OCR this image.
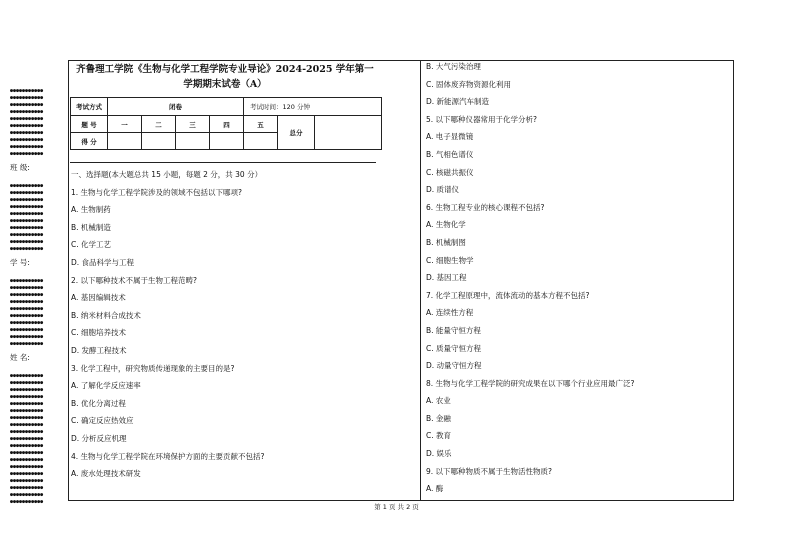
●●●●●●●●●●●
●●●●●●●●●●●
●●●●●●●●●●●
●●●●●●●●●●●
●●●●●●●●●●●
●●●●●●●●●●●
●●●●●●●●●●●
●●●●●●●●●●●
●●●●●●●●●●●
●●●●●●●●●●●
班 级:
●●●●●●●●●●●
●●●●●●●●●●●
●●●●●●●●●●●
●●●●●●●●●●●
●●●●●●●●●●●
●●●●●●●●●●●
●●●●●●●●●●●
●●●●●●●●●●●
●●●●●●●●●●●
●●●●●●●●●●●
学 号:
●●●●●●●●●●●
●●●●●●●●●●●
●●●●●●●●●●●
●●●●●●●●●●●
●●●●●●●●●●●
●●●●●●●●●●●
●●●●●●●●●●●
●●●●●●●●●●●
●●●●●●●●●●●
●●●●●●●●●●●
姓 名:
●●●●●●●●●●●
●●●●●●●●●●●
●●●●●●●●●●●
●●●●●●●●●●●
●●●●●●●●●●●
●●●●●●●●●●●
●●●●●●●●●●●
●●●●●●●●●●●
●●●●●●●●●●●
●●●●●●●●●●●
●●●●●●●●●●●
●●●●●●●●●●●
●●●●●●●●●●●
●●●●●●●●●●●
●●●●●●●●●●●
●●●●●●●●●●●
●●●●●●●●●●●
●●●●●●●●●●●
●●●●●●●●●●●
齐鲁理工学院《生物与化学工程学院专业导论》2024-2025 学年第一
学期期末试卷（A）
考试方式	闭卷				考试时间：120 分钟		
题 号	一	二	三	四	五	总分	
得 分							
一、选择题(本大题总共 15 小题，每题 2 分，共 30 分）
1. 生物与化学工程学院涉及的领域不包括以下哪项?
A. 生物制药
B. 机械制造
C. 化学工艺
D. 食品科学与工程
2. 以下哪种技术不属于生物工程范畴?
A. 基因编辑技术
B. 纳米材料合成技术
C. 细胞培养技术
D. 发酵工程技术
3. 化学工程中，研究物质传递现象的主要目的是?
A. 了解化学反应速率
B. 优化分离过程
C. 确定反应热效应
D. 分析反应机理
4. 生物与化学工程学院在环境保护方面的主要贡献不包括?
A. 废水处理技术研发
B. 大气污染治理
C. 固体废弃物资源化利用
D. 新能源汽车制造
5. 以下哪种仪器常用于化学分析?
A. 电子显微镜
B. 气相色谱仪
C. 核磁共振仪
D. 质谱仪
6. 生物工程专业的核心课程不包括?
A. 生物化学
B. 机械制图
C. 细胞生物学
D. 基因工程
7. 化学工程原理中，流体流动的基本方程不包括?
A. 连续性方程
B. 能量守恒方程
C. 质量守恒方程
D. 动量守恒方程
8. 生物与化学工程学院的研究成果在以下哪个行业应用最广泛?
A. 农业
B. 金融
C. 教育
D. 娱乐
9. 以下哪种物质不属于生物活性物质?
A. 酶
第 1 页 共 2 页
